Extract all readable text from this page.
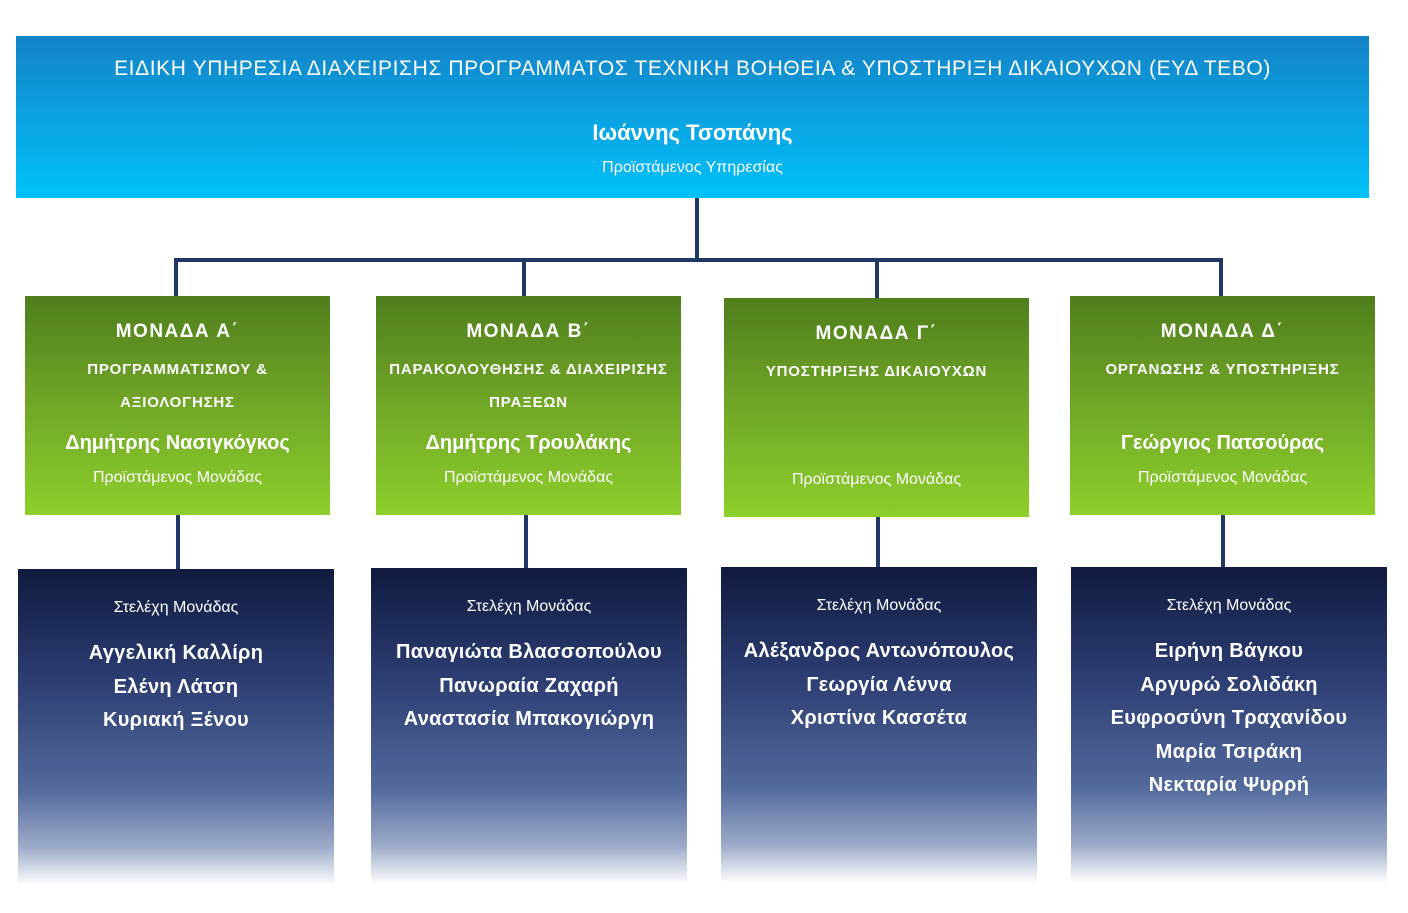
ΕΙΔΙΚΗ ΥΠΗΡΕΣΙΑ ΔΙΑΧΕΙΡΙΣΗΣ ΠΡΟΓΡΑΜΜΑΤΟΣ ΤΕΧΝΙΚΗ ΒΟΗΘΕΙΑ & ΥΠΟΣΤΗΡΙΞΗ ΔΙΚΑΙΟΥΧΩΝ (ΕΥΔ ΤΕΒΟ)
Ιωάννης Τσοπάνης
Προϊστάμενος Υπηρεσίας
ΜΟΝΑΔΑ Α΄
ΠΡΟΓΡΑΜΜΑΤΙΣΜΟΥ & ΑΞΙΟΛΟΓΗΣΗΣ
Δημήτρης Νασιγκόγκος
Προϊστάμενος Μονάδας
ΜΟΝΑΔΑ Β΄
ΠΑΡΑΚΟΛΟΥΘΗΣΗΣ & ΔΙΑΧΕΙΡΙΣΗΣ ΠΡΑΞΕΩΝ
Δημήτρης Τρουλάκης
Προϊστάμενος Μονάδας
ΜΟΝΑΔΑ Γ΄
ΥΠΟΣΤΗΡΙΞΗΣ ΔΙΚΑΙΟΥΧΩΝ
Προϊστάμενος Μονάδας
ΜΟΝΑΔΑ Δ΄
ΟΡΓΑΝΩΣΗΣ & ΥΠΟΣΤΗΡΙΞΗΣ
Γεώργιος Πατσούρας
Προϊστάμενος Μονάδας
Στελέχη Μονάδας
Αγγελική Καλλίρη
Ελένη Λάτση
Κυριακή Ξένου
Στελέχη Μονάδας
Παναγιώτα Βλασσοπούλου
Πανωραία Ζαχαρή
Αναστασία Μπακογιώργη
Στελέχη Μονάδας
Αλέξανδρος Αντωνόπουλος
Γεωργία Λέννα
Χριστίνα Κασσέτα
Στελέχη Μονάδας
Ειρήνη Βάγκου
Αργυρώ Σολιδάκη
Ευφροσύνη Τραχανίδου
Μαρία Τσιράκη
Νεκταρία Ψυρρή
